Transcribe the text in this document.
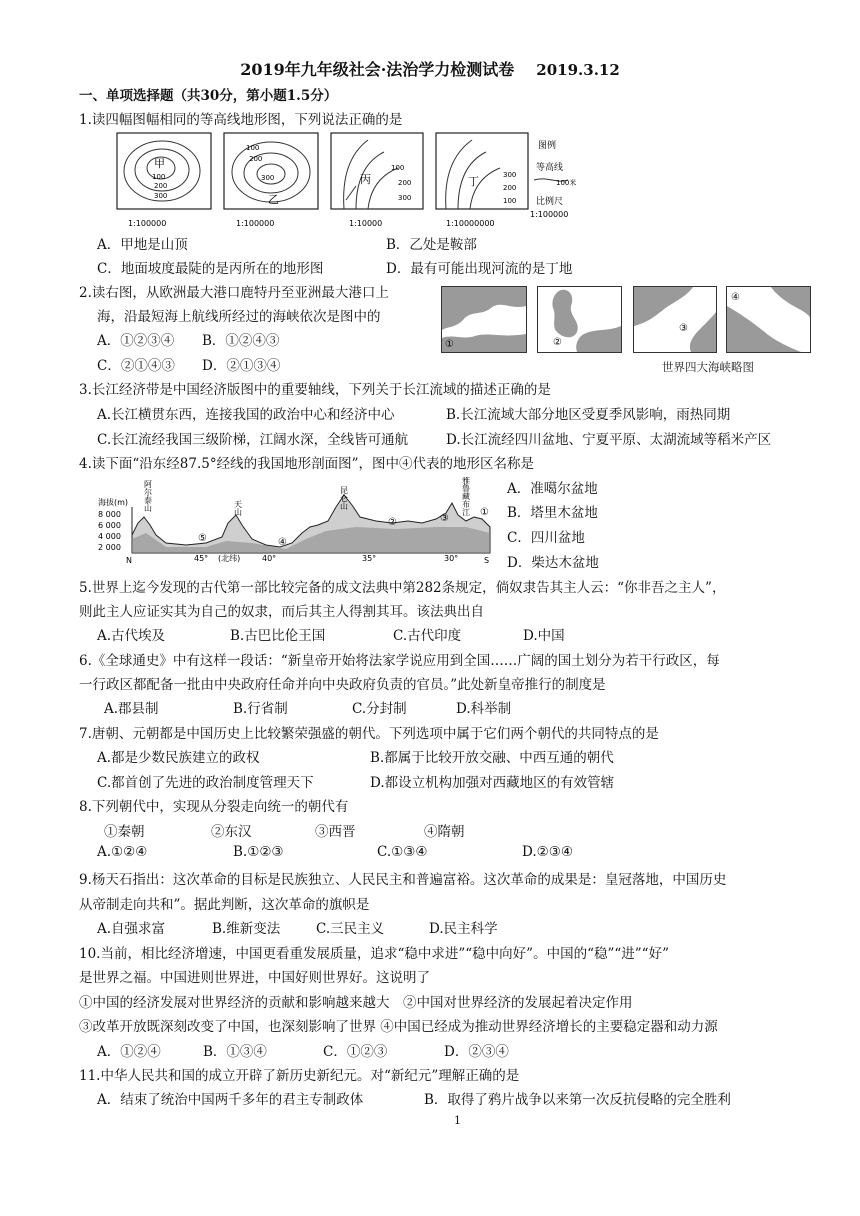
2019年九年级社会·法治学力检测试卷 2019.3.12
一、单项选择题（共30分，第小题1.5分）
1.读四幅图幅相同的等高线地形图，下列说法正确的是
甲
100
200
300
1:100000
100
200
300
乙
1:100000
丙
100
200
300
1:10000
丁	300
200
100
1:10000000
图例
等高线
100米
比例尺
1:100000
A．甲地是山顶	B．乙处是鞍部
C．地面坡度最陡的是丙所在的地形图	D．最有可能出现河流的是丁地
2.读右图，从欧洲最大港口鹿特丹至亚洲最大港口上
海，沿最短海上航线所经过的海峡依次是图中的
A．①②③④ B．①②④③
C．②①④③ D．②①③④
①	②
③
④
世界四大海峡略图
3.长江经济带是中国经济版图中的重要轴线，下列关于长江流域的描述正确的是
A.长江横贯东西，连接我国的政治中心和经济中心	B.长江流域大部分地区受夏季风影响，雨热同期
C.长江流经我国三级阶梯，江阔水深，全线皆可通航	D.长江流经四川盆地、宁夏平原、太湖流域等稻米产区
4.读下面“沿东经87.5°经线的我国地形剖面图”，图中④代表的地形区名称是
海拔(m)
8 000
6 000
4 000
2 000
阿尔泰山	天山
昆仑山
雅鲁藏布江
⑤	④
②	③
①
N	45° (北纬)	40°	35°	30°	S
A．准噶尔盆地
B．塔里木盆地
C．四川盆地
D．柴达木盆地
5.世界上迄今发现的古代第一部比较完备的成文法典中第282条规定，倘奴隶告其主人云：“你非吾之主人”，
则此主人应证实其为自己的奴隶，而后其主人得割其耳。该法典出自
A.古代埃及	B.古巴比伦王国	C.古代印度	D.中国
6.《全球通史》中有这样一段话：“新皇帝开始将法家学说应用到全国……广阔的国土划分为若干行政区，每
一行政区都配备一批由中央政府任命并向中央政府负责的官员。”此处新皇帝推行的制度是
A.郡县制	B.行省制	C.分封制	D.科举制
7.唐朝、元朝都是中国历史上比较繁荣强盛的朝代。下列选项中属于它们两个朝代的共同特点的是
A.都是少数民族建立的政权	B.都属于比较开放交融、中西互通的朝代
C.都首创了先进的政治制度管理天下	D.都设立机构加强对西藏地区的有效管辖
8.下列朝代中，实现从分裂走向统一的朝代有
①秦朝	②东汉	③西晋	④隋朝
A.①②④	B.①②③	C.①③④	D.②③④
9.杨天石指出：这次革命的目标是民族独立、人民民主和普遍富裕。这次革命的成果是：皇冠落地，中国历史
从帝制走向共和”。据此判断，这次革命的旗帜是
A.自强求富	B.维新变法	C.三民主义	D.民主科学
10.当前，相比经济增速，中国更看重发展质量，追求“稳中求进”“稳中向好”。中国的“稳”“进”“好”
是世界之福。中国进则世界进，中国好则世界好。这说明了
①中国的经济发展对世界经济的贡献和影响越来越大　②中国对世界经济的发展起着决定作用
③改革开放既深刻改变了中国，也深刻影响了世界 ④中国已经成为推动世界经济增长的主要稳定器和动力源
A．①②④	B．①③④	C．①②③	D．②③④
11.中华人民共和国的成立开辟了新历史新纪元。对“新纪元”理解正确的是
A．结束了统治中国两千多年的君主专制政体	B．取得了鸦片战争以来第一次反抗侵略的完全胜利
1
